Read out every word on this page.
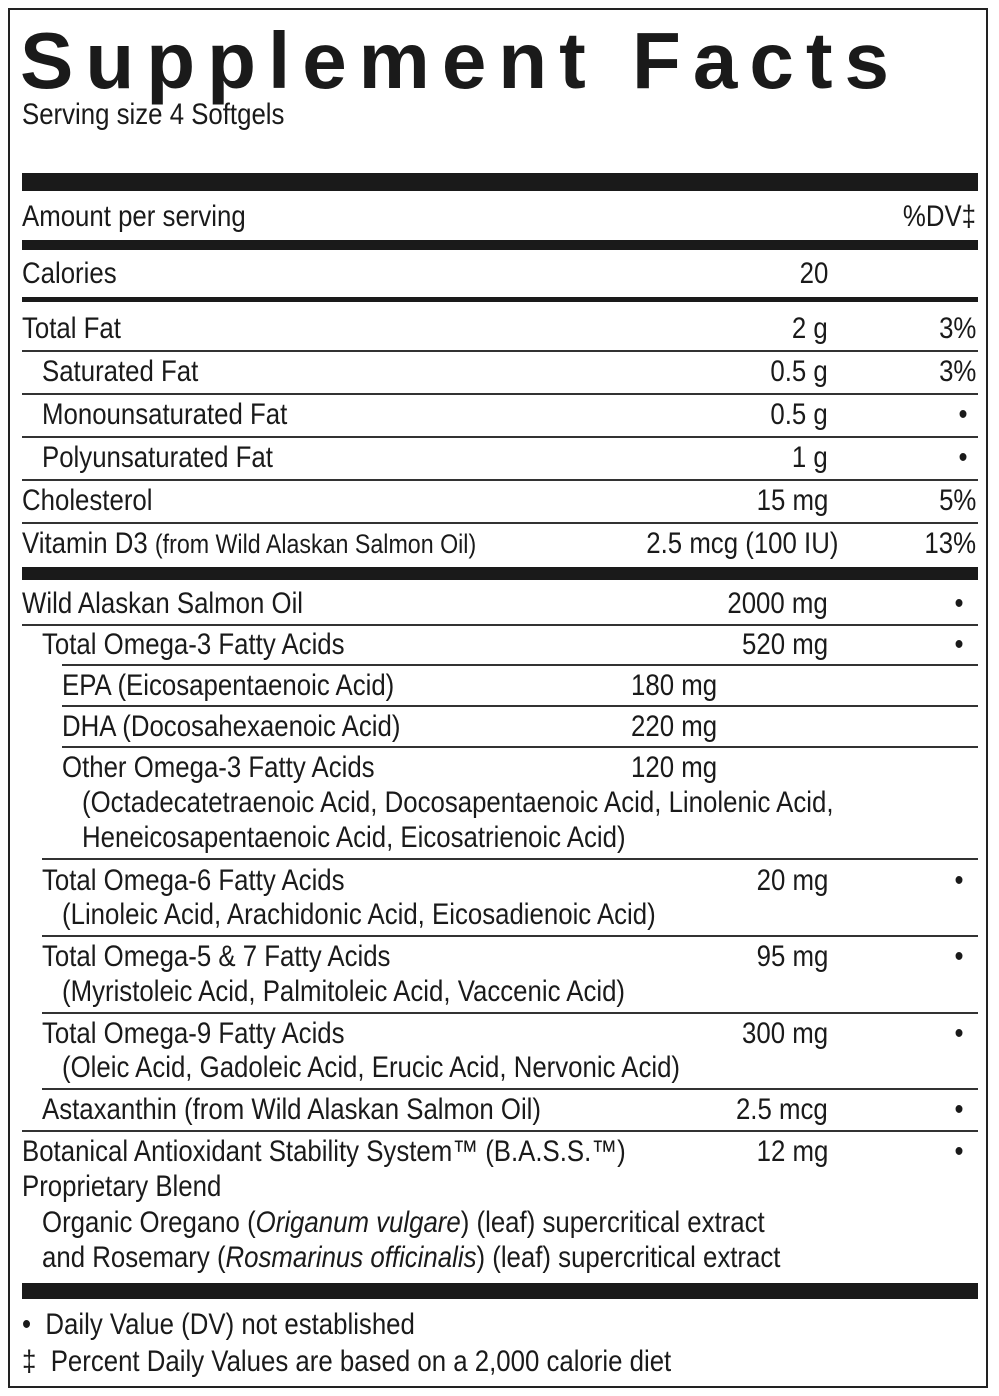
Supplement Facts
Serving size 4 Softgels
Amount per serving	%DV‡
Calories	20
Total Fat	2 g	3%
Saturated Fat	0.5 g	3%
Monounsaturated Fat	0.5 g	•
Polyunsaturated Fat	1 g	•
Cholesterol	15 mg	5%
Vitamin D3 (from Wild Alaskan Salmon Oil)	2.5 mcg (100 IU)	13%
Wild Alaskan Salmon Oil	2000 mg	•
Total Omega-3 Fatty Acids	520 mg	•
EPA (Eicosapentaenoic Acid)	180 mg
DHA (Docosahexaenoic Acid)	220 mg
Other Omega-3 Fatty Acids	120 mg
(Octadecatetraenoic Acid, Docosapentaenoic Acid, Linolenic Acid,
Heneicosapentaenoic Acid, Eicosatrienoic Acid)
Total Omega-6 Fatty Acids	20 mg	•
(Linoleic Acid, Arachidonic Acid, Eicosadienoic Acid)
Total Omega-5 & 7 Fatty Acids	95 mg	•
(Myristoleic Acid, Palmitoleic Acid, Vaccenic Acid)
Total Omega-9 Fatty Acids	300 mg	•
(Oleic Acid, Gadoleic Acid, Erucic Acid, Nervonic Acid)
Astaxanthin (from Wild Alaskan Salmon Oil)	2.5 mcg	•
Botanical Antioxidant Stability System™ (B.A.S.S.™)	12 mg	•
Proprietary Blend
Organic Oregano (Origanum vulgare) (leaf) supercritical extract
and Rosemary (Rosmarinus officinalis) (leaf) supercritical extract
• Daily Value (DV) not established
‡ Percent Daily Values are based on a 2,000 calorie diet
